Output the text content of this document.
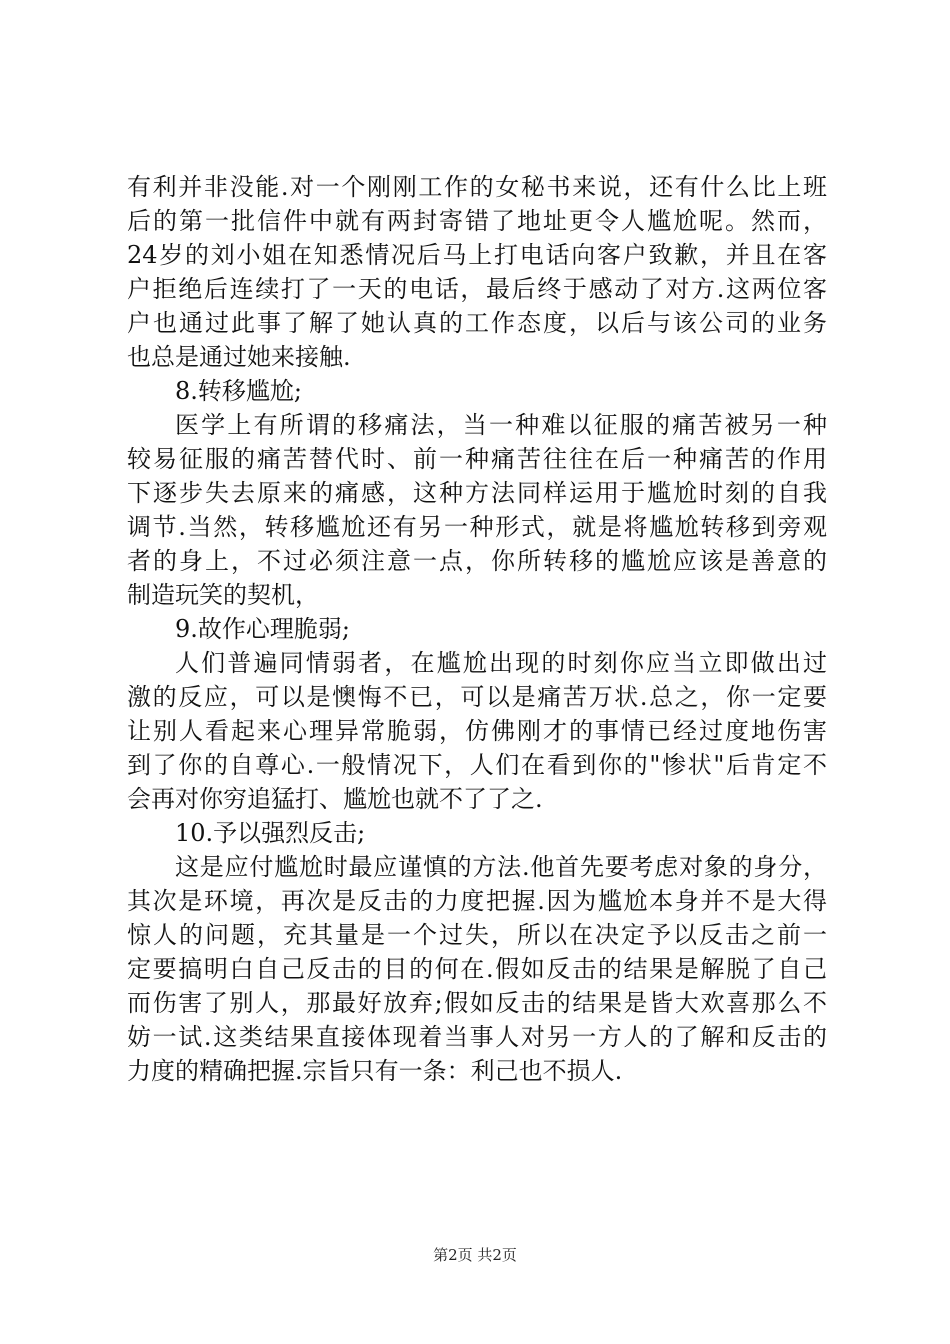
有利并非没能.对一个刚刚工作的女秘书来说，还有什么比上班
后的第一批信件中就有两封寄错了地址更令人尴尬呢。然而，
24岁的刘小姐在知悉情况后马上打电话向客户致歉，并且在客
户拒绝后连续打了一天的电话，最后终于感动了对方.这两位客
户也通过此事了解了她认真的工作态度，以后与该公司的业务
也总是通过她来接触.
8.转移尴尬;
医学上有所谓的移痛法，当一种难以征服的痛苦被另一种
较易征服的痛苦替代时、前一种痛苦往往在后一种痛苦的作用
下逐步失去原来的痛感，这种方法同样运用于尴尬时刻的自我
调节.当然，转移尴尬还有另一种形式，就是将尴尬转移到旁观
者的身上，不过必须注意一点，你所转移的尴尬应该是善意的
制造玩笑的契机，
9.故作心理脆弱;
人们普遍同情弱者，在尴尬出现的时刻你应当立即做出过
激的反应，可以是懊悔不已，可以是痛苦万状.总之，你一定要
让别人看起来心理异常脆弱，仿佛刚才的事情已经过度地伤害
到了你的自尊心.一般情况下，人们在看到你的"惨状"后肯定不
会再对你穷追猛打、尴尬也就不了了之.
10.予以强烈反击;
这是应付尴尬时最应谨慎的方法.他首先要考虑对象的身分，
其次是环境，再次是反击的力度把握.因为尴尬本身并不是大得
惊人的问题，充其量是一个过失，所以在决定予以反击之前一
定要搞明白自己反击的目的何在.假如反击的结果是解脱了自己
而伤害了别人，那最好放弃;假如反击的结果是皆大欢喜那么不
妨一试.这类结果直接体现着当事人对另一方人的了解和反击的
力度的精确把握.宗旨只有一条：利己也不损人.
第2页 共2页
